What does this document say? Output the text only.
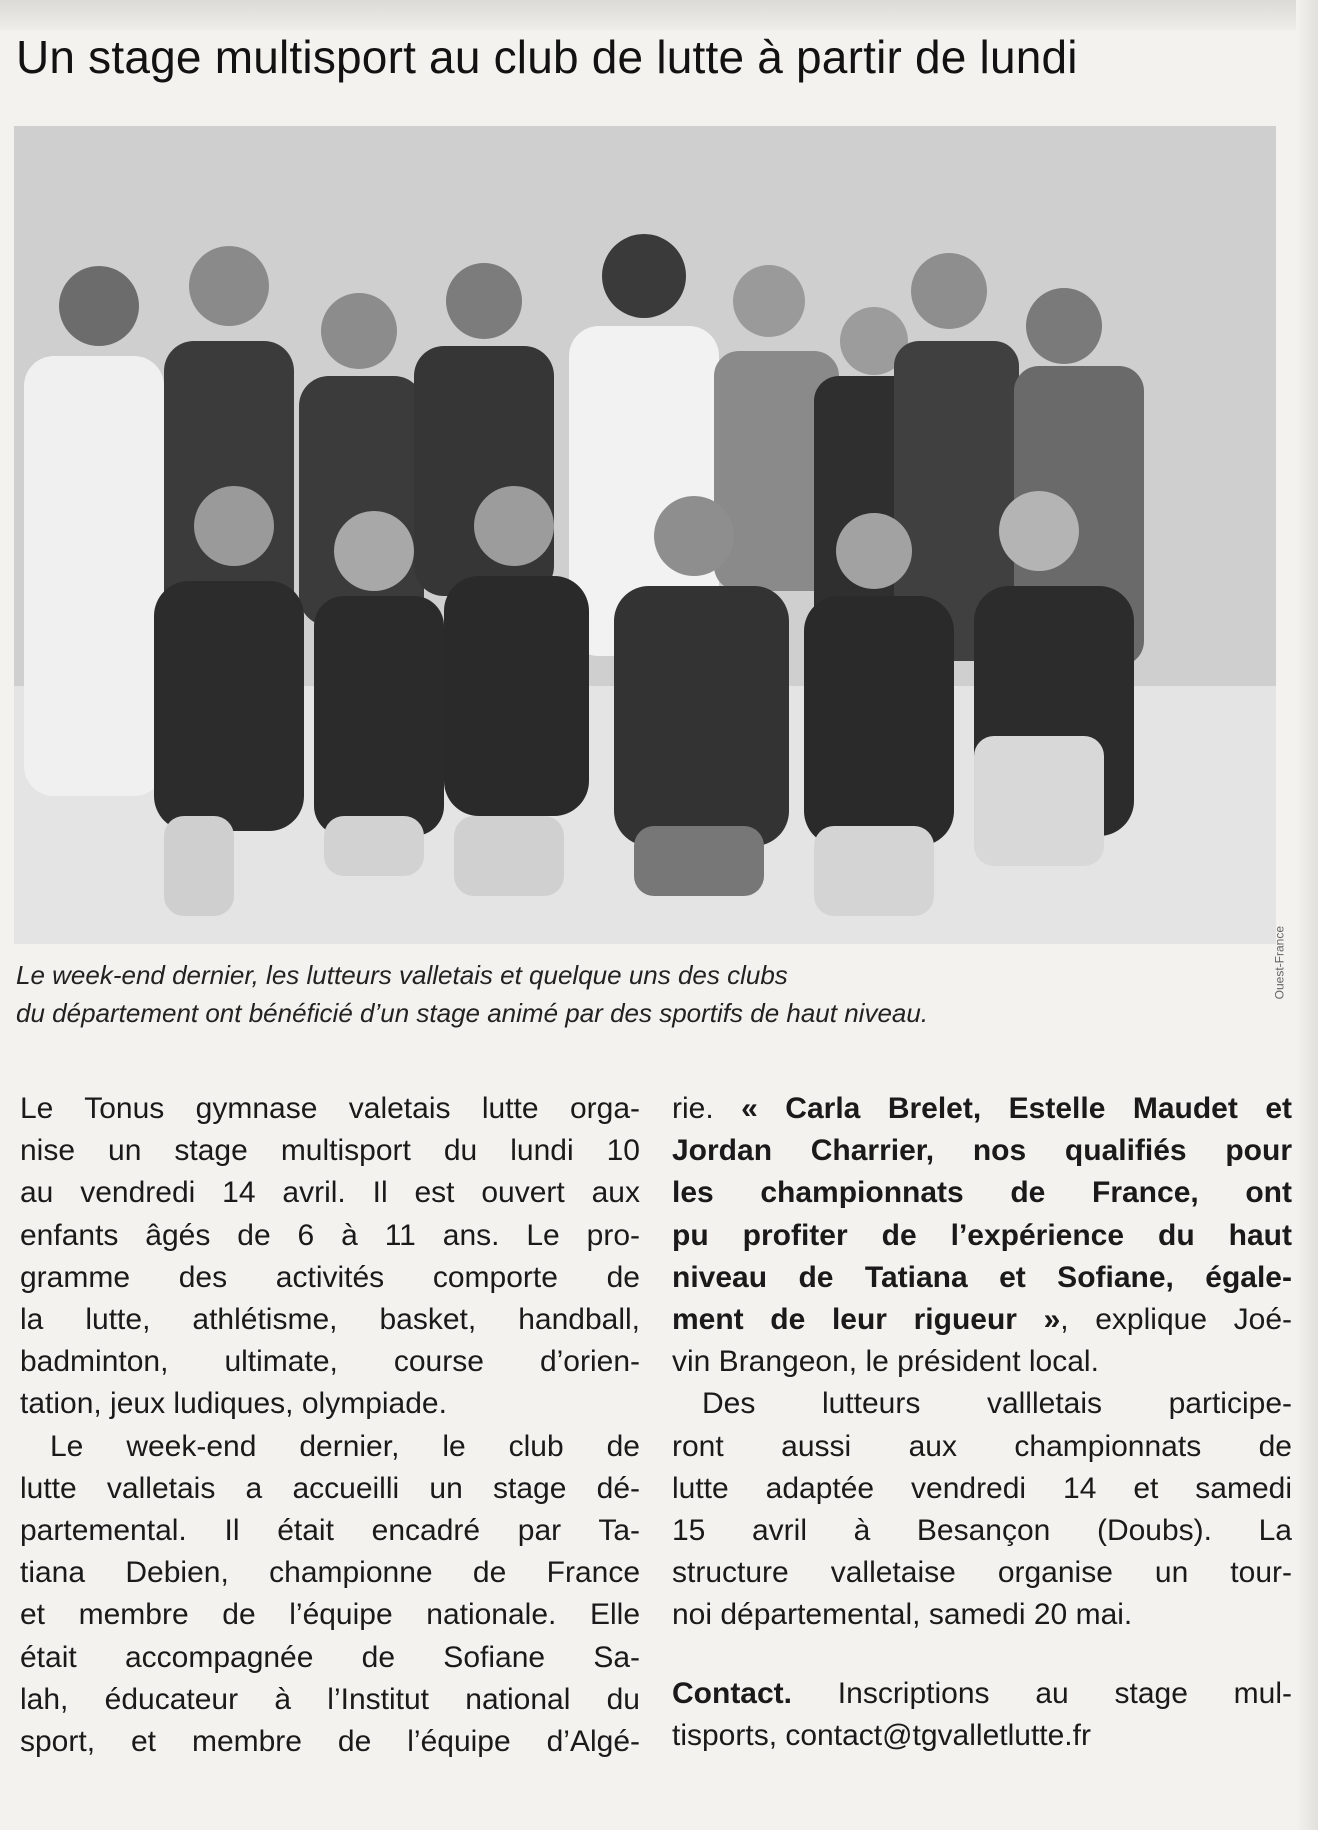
Un stage multisport au club de lutte à partir de lundi
Ouest-France
Le week-end dernier, les lutteurs valletais et quelque uns des clubs
du département ont bénéficié d’un stage animé par des sportifs de haut niveau.
Le Tonus gymnase valetais lutte orga-
nise un stage multisport du lundi 10
au vendredi 14 avril. Il est ouvert aux
enfants âgés de 6 à 11 ans. Le pro-
gramme des activités comporte de
la lutte, athlétisme, basket, handball,
badminton, ultimate, course d’orien-
tation, jeux ludiques, olympiade.
Le week-end dernier, le club de
lutte valletais a accueilli un stage dé-
partemental. Il était encadré par Ta-
tiana Debien, championne de France
et membre de l’équipe nationale. Elle
était accompagnée de Sofiane Sa-
lah, éducateur à l’Institut national du
sport, et membre de l’équipe d’Algé-
rie. « Carla Brelet, Estelle Maudet et
Jordan Charrier, nos qualifiés pour
les championnats de France, ont
pu profiter de l’expérience du haut
niveau de Tatiana et Sofiane, égale-
ment de leur rigueur », explique Joé-
vin Brangeon, le président local.
Des lutteurs vallletais participe-
ront aussi aux championnats de
lutte adaptée vendredi 14 et samedi
15 avril à Besançon (Doubs). La
structure valletaise organise un tour-
noi départemental, samedi 20 mai.
Contact. Inscriptions au stage mul-
tisports, contact@tgvalletlutte.fr
